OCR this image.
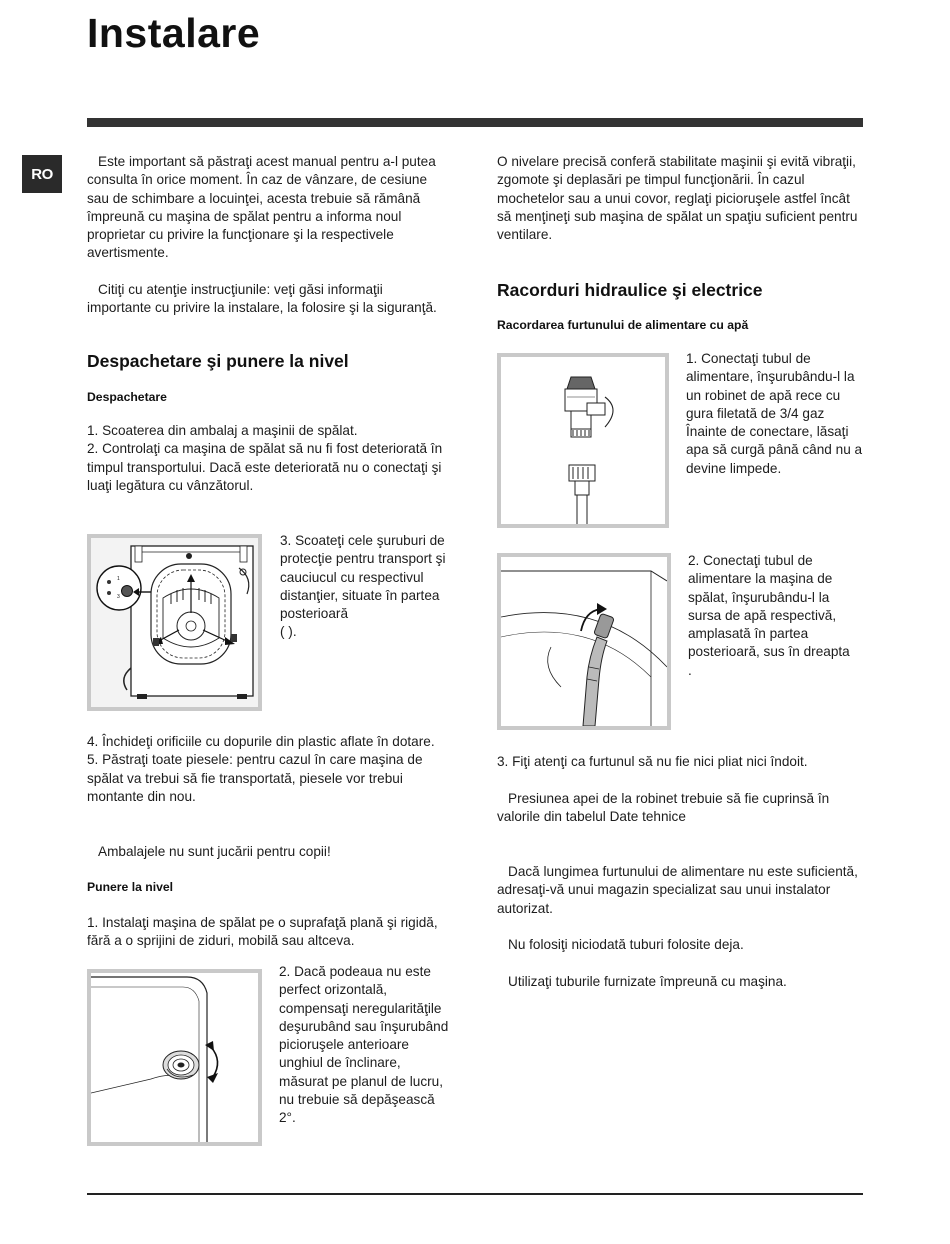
Instalare
RO

Este important să păstraţi acest manual pentru a-l putea consulta în orice moment. În caz de vânzare, de cesiune sau de schimbare a locuinţei, acesta trebuie să rămână împreună cu maşina de spălat pentru a informa noul proprietar cu privire la funcţionare şi la respectivele avertismente.

Citiţi cu atenţie instrucţiunile: veţi găsi informaţii importante cu privire la instalare, la folosire şi la siguranţă.

Despachetare şi punere la nivel
Despachetare

1. Scoaterea din ambalaj a maşinii de spălat.
2. Controlaţi ca maşina de spălat să nu fi fost deteriorată în timpul transportului. Dacă este deteriorată nu o conectaţi şi luaţi legătura cu vânzătorul.

1
3

3. Scoateţi cele şuruburi de protecţie pentru transport şi cauciucul cu respectivul distanţier, situate în partea posterioară
( ).

4. Închideţi orificiile cu dopurile din plastic aflate în dotare.
5. Păstraţi toate piesele: pentru cazul în care maşina de spălat va trebui să fie transportată, piesele vor trebui montante din nou.

Ambalajele nu sunt jucării pentru copii!

Punere la nivel

1. Instalaţi maşina de spălat pe o suprafaţă plană şi rigidă, fără a o sprijini de ziduri, mobilă sau altceva.

2. Dacă podeaua nu este perfect orizontală, compensaţi neregularităţile deşurubând sau înşurubând picioruşele anterioare
unghiul de înclinare, măsurat pe planul de lucru, nu trebuie să depăşească 2°.

O nivelare precisă conferă stabilitate maşinii şi evită vibraţii, zgomote şi deplasări pe timpul funcţionării. În cazul mochetelor sau a unui covor, reglaţi picioruşele astfel încât să menţineţi sub maşina de spălat un spaţiu suficient pentru ventilare.

Racorduri hidraulice şi electrice
Racordarea furtunului de alimentare cu apă

1. Conectaţi tubul de alimentare, înşurubându-l la un robinet de apă rece cu gura filetată de 3/4 gaz
Înainte de conectare, lăsaţi apa să curgă până când nu a devine limpede.

2. Conectaţi tubul de alimentare la maşina de spălat, înşurubându-l la sursa de apă respectivă, amplasată în partea posterioară, sus în dreapta
.

3. Fiţi atenţi ca furtunul să nu fie nici pliat nici îndoit.

Presiunea apei de la robinet trebuie să fie cuprinsă în valorile din tabelul Date tehnice

Dacă lungimea furtunului de alimentare nu este suficientă, adresaţi-vă unui magazin specializat sau unui instalator autorizat.

Nu folosiţi niciodată tuburi folosite deja.

Utilizaţi tuburile furnizate împreună cu maşina.
